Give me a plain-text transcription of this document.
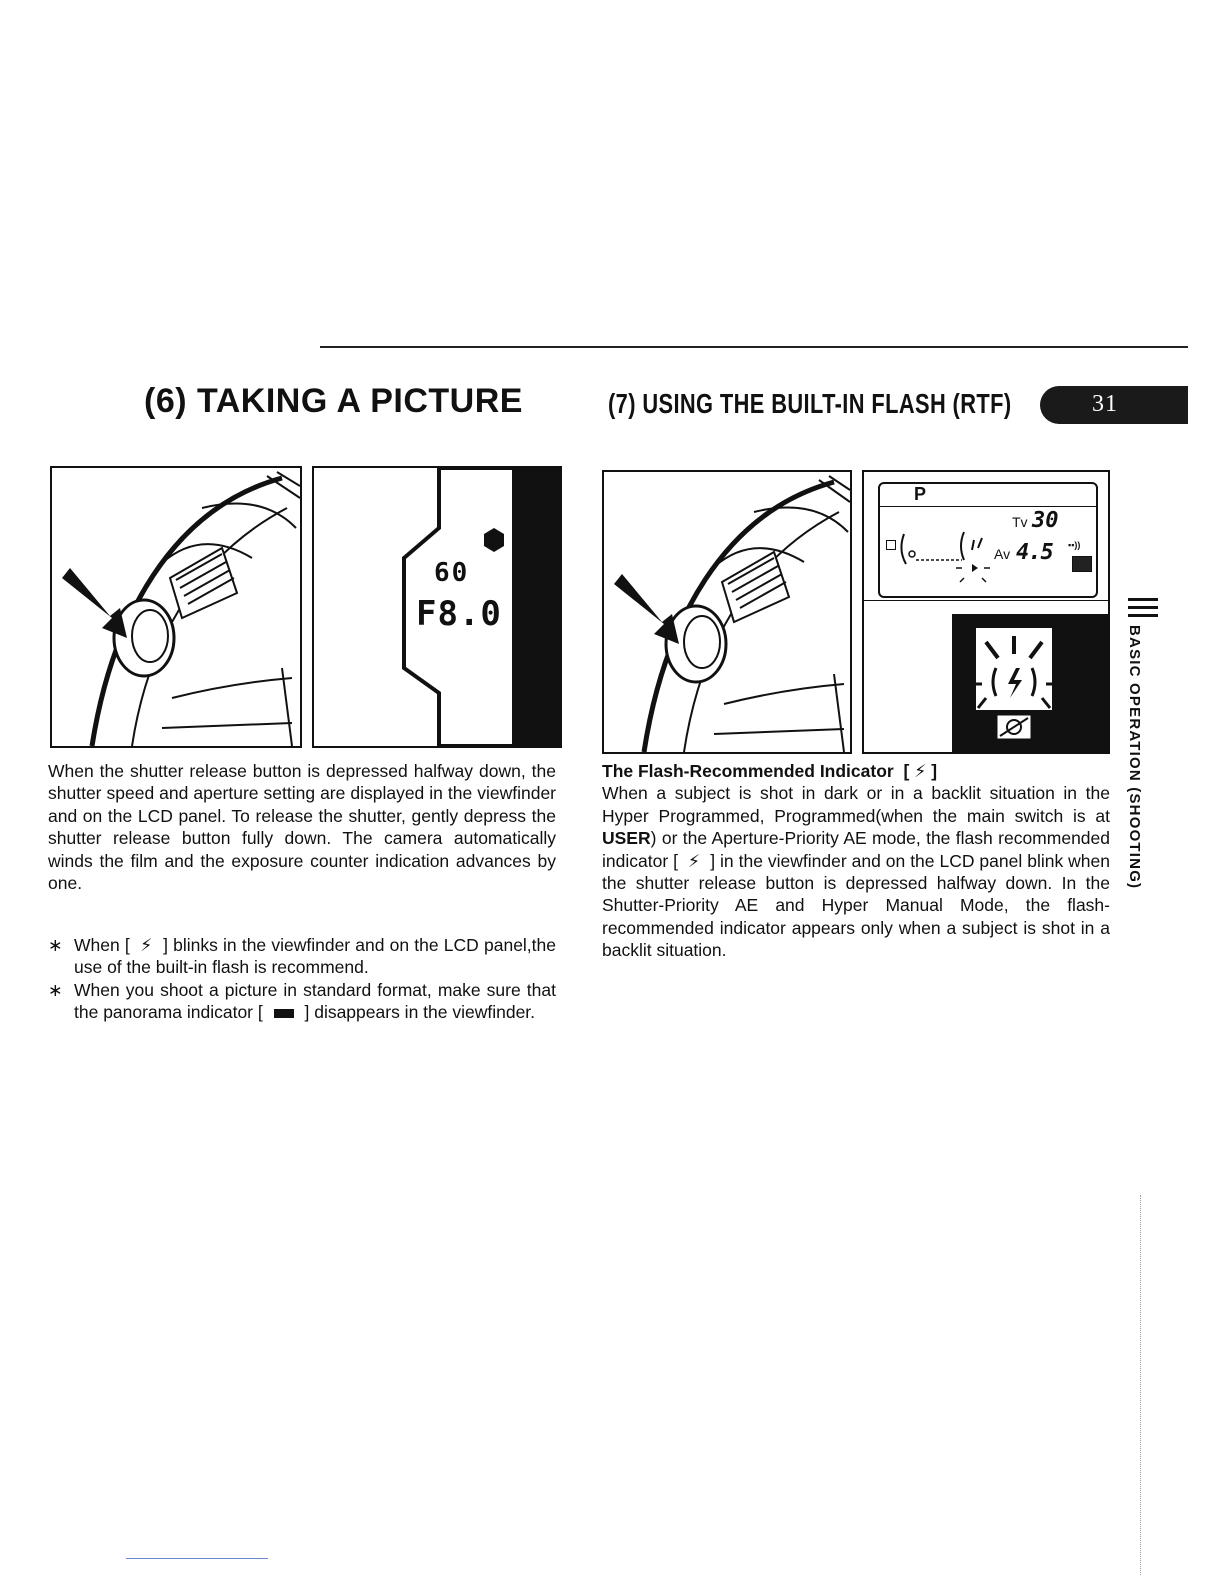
(6) TAKING A PICTURE	(7) USING THE BUILT-IN FLASH (RTF)	31
60
F8.0
P
Tv 30
Av 4.5 ▪▪))

When the shutter release button is depressed halfway down, the shutter speed and aperture setting are displayed in the viewfinder and on the LCD panel. To release the shutter, gently depress the shutter release button fully down. The camera automatically winds the film and the exposure counter indication advances by one.

∗ When [  ⚡  ] blinks in the viewfinder and on the LCD panel,the use of the built-in flash is recommend.
∗ When you shoot a picture in standard format, make sure that the panorama indicator [ ] disappears in the viewfinder.

The Flash-Recommended Indicator  [ ⚡ ]

When a subject is shot in dark or in a backlit situation in the Hyper Programmed, Programmed(when the main switch is at USER) or the Aperture-Priority AE mode, the flash recommended indicator [  ⚡  ] in the viewfinder and on the LCD panel blink when the shutter release button is depressed halfway down. In the Shutter-Priority AE and Hyper Manual Mode, the flash-recommended indicator appears only when a subject is shot in a backlit situation.

BASIC OPERATION (SHOOTING)
